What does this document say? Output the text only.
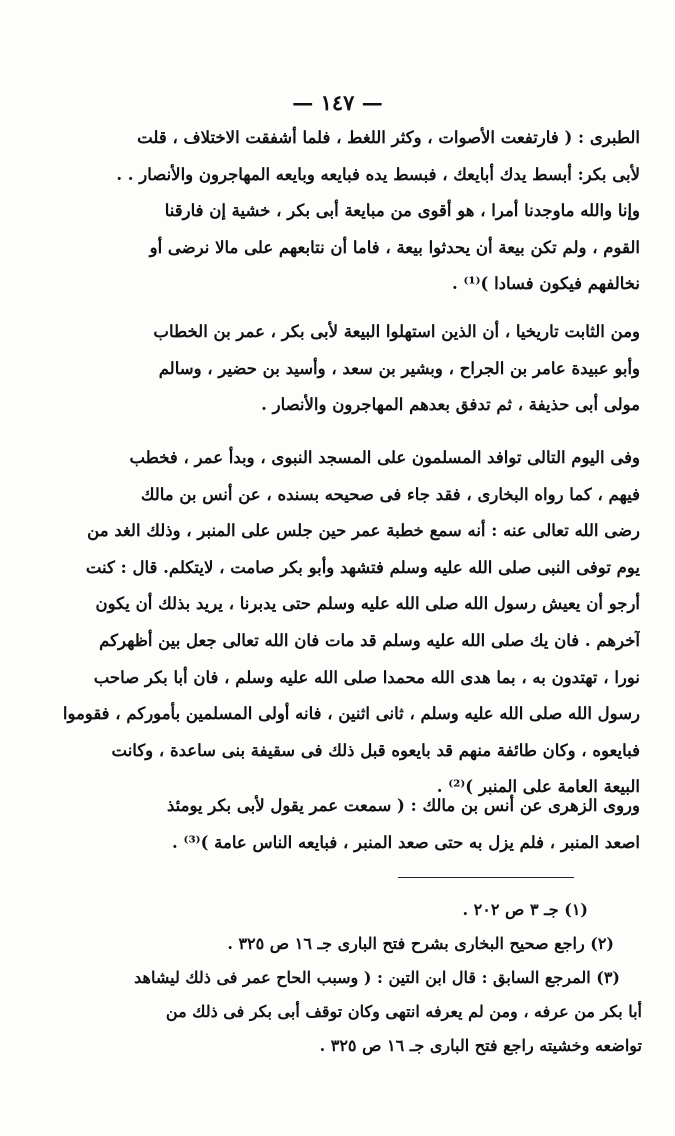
— ١٤٧ —
الطبرى : ( فارتفعت الأصوات ، وكثر اللغط ، فلما أشفقت الاختلاف ، قلت
لأبى بكر: أبسط يدك أبايعك ، فبسط يده فبايعه وبايعه المهاجرون والأنصار . .
وإنا والله ماوجدنا أمرا ، هو أقوى من مبايعة أبى بكر ، خشية إن فارقنا
القوم ، ولم تكن بيعة أن يحدثوا بيعة ، فاما أن نتابعهم على مالا نرضى أو
نخالفهم فيكون فسادا )⁽¹⁾ .
ومن الثابت تاريخيا ، أن الذين استهلوا البيعة لأبى بكر ، عمر بن الخطاب
وأبو عبيدة عامر بن الجراح ، وبشير بن سعد ، وأسيد بن حضير ، وسالم
مولى أبى حذيفة ، ثم تدفق بعدهم المهاجرون والأنصار .
وفى اليوم التالى توافد المسلمون على المسجد النبوى ، وبدأ عمر ، فخطب
فيهم ، كما رواه البخارى ، فقد جاء فى صحيحه بسنده ، عن أنس بن مالك
رضى الله تعالى عنه : أنه سمع خطبة عمر حين جلس على المنبر ، وذلك الغد من
يوم توفى النبى صلى الله عليه وسلم فتشهد وأبو بكر صامت ، لايتكلم. قال : كنت
أرجو أن يعيش رسول الله صلى الله عليه وسلم حتى يدبرنا ، يريد بذلك أن يكون
آخرهم . فان يك صلى الله عليه وسلم قد مات فان الله تعالى جعل بين أظهركم
نورا ، تهتدون به ، بما هدى الله محمدا صلى الله عليه وسلم ، فان أبا بكر صاحب
رسول الله صلى الله عليه وسلم ، ثانى اثنين ، فانه أولى المسلمين بأموركم ، فقوموا
فبايعوه ، وكان طائفة منهم قد بايعوه قبل ذلك فى سقيفة بنى ساعدة ، وكانت
البيعة العامة على المنبر )⁽²⁾ .
وروى الزهرى عن أنس بن مالك : ( سمعت عمر يقول لأبى بكر يومئذ
اصعد المنبر ، فلم يزل به حتى صعد المنبر ، فبايعه الناس عامة )⁽³⁾ .
(١) جـ ٣ ص ٢٠٢ .
(٢) راجع صحيح البخارى بشرح فتح البارى جـ ١٦ ص ٣٢٥ .
(٣) المرجع السابق : قال ابن التين : ( وسبب الحاح عمر فى ذلك ليشاهد
أبا بكر من عرفه ، ومن لم يعرفه انتهى وكان توقف أبى بكر فى ذلك من
تواضعه وخشيته راجع فتح البارى جـ ١٦ ص ٣٢٥ .
